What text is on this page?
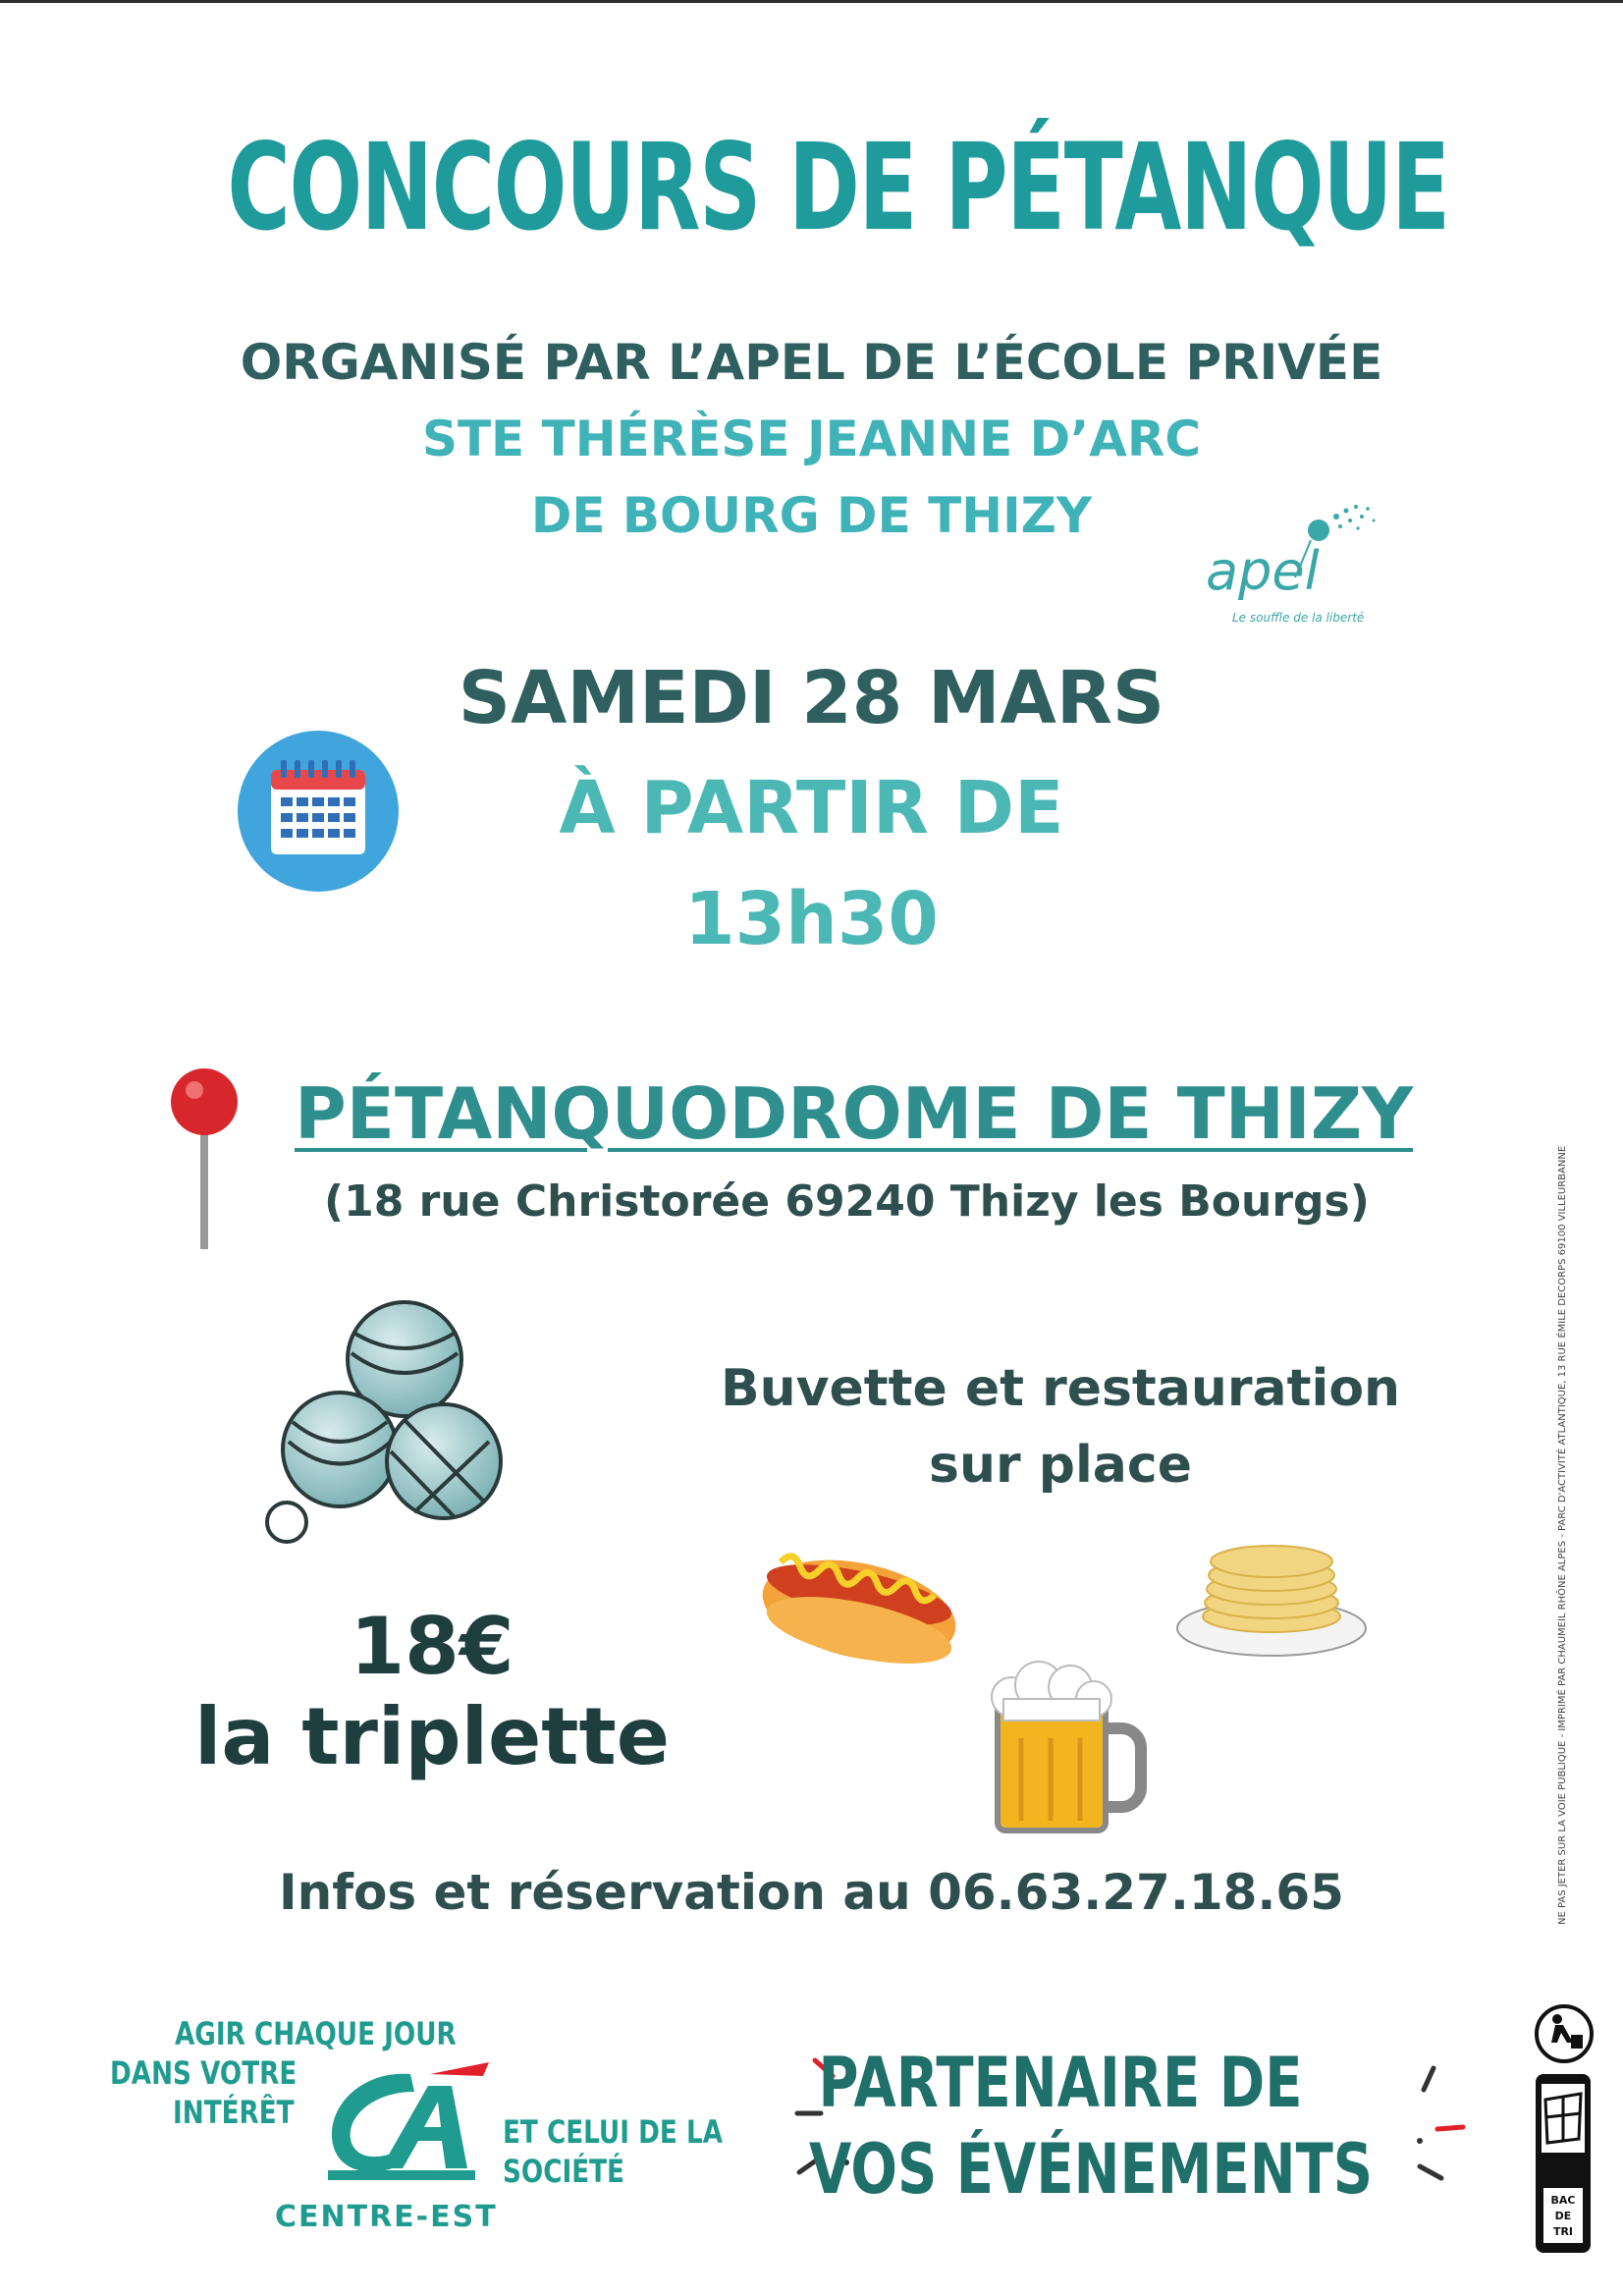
CONCOURS DE PÉTANQUE
ORGANISÉ PAR L’APEL DE L’ÉCOLE PRIVÉE
STE THÉRÈSE JEANNE D’ARC
DE BOURG DE THIZY
apel
Le souffle de la liberté
SAMEDI 28 MARS
À PARTIR DE
13h30
PÉTANQUODROME DE THIZY
(18 rue Christorée 69240 Thizy les Bourgs)
18€
la triplette
Buvette et restauration
sur place
Infos et réservation au 06.63.27.18.65
AGIR CHAQUE JOUR
DANS VOTRE
INTÉRÊT
ET CELUI DE LA
SOCIÉTÉ
CENTRE-EST
PARTENAIRE DE
VOS ÉVÉNEMENTS
NE PAS JETER SUR LA VOIE PUBLIQUE - IMPRIMÉ PAR CHAUMEIL RHÔNE ALPES - PARC D'ACTIVITÉ ATLANTIQUE, 13 RUE ÉMILE DECORPS 69100 VILLEURBANNE
BAC
DE
TRI
